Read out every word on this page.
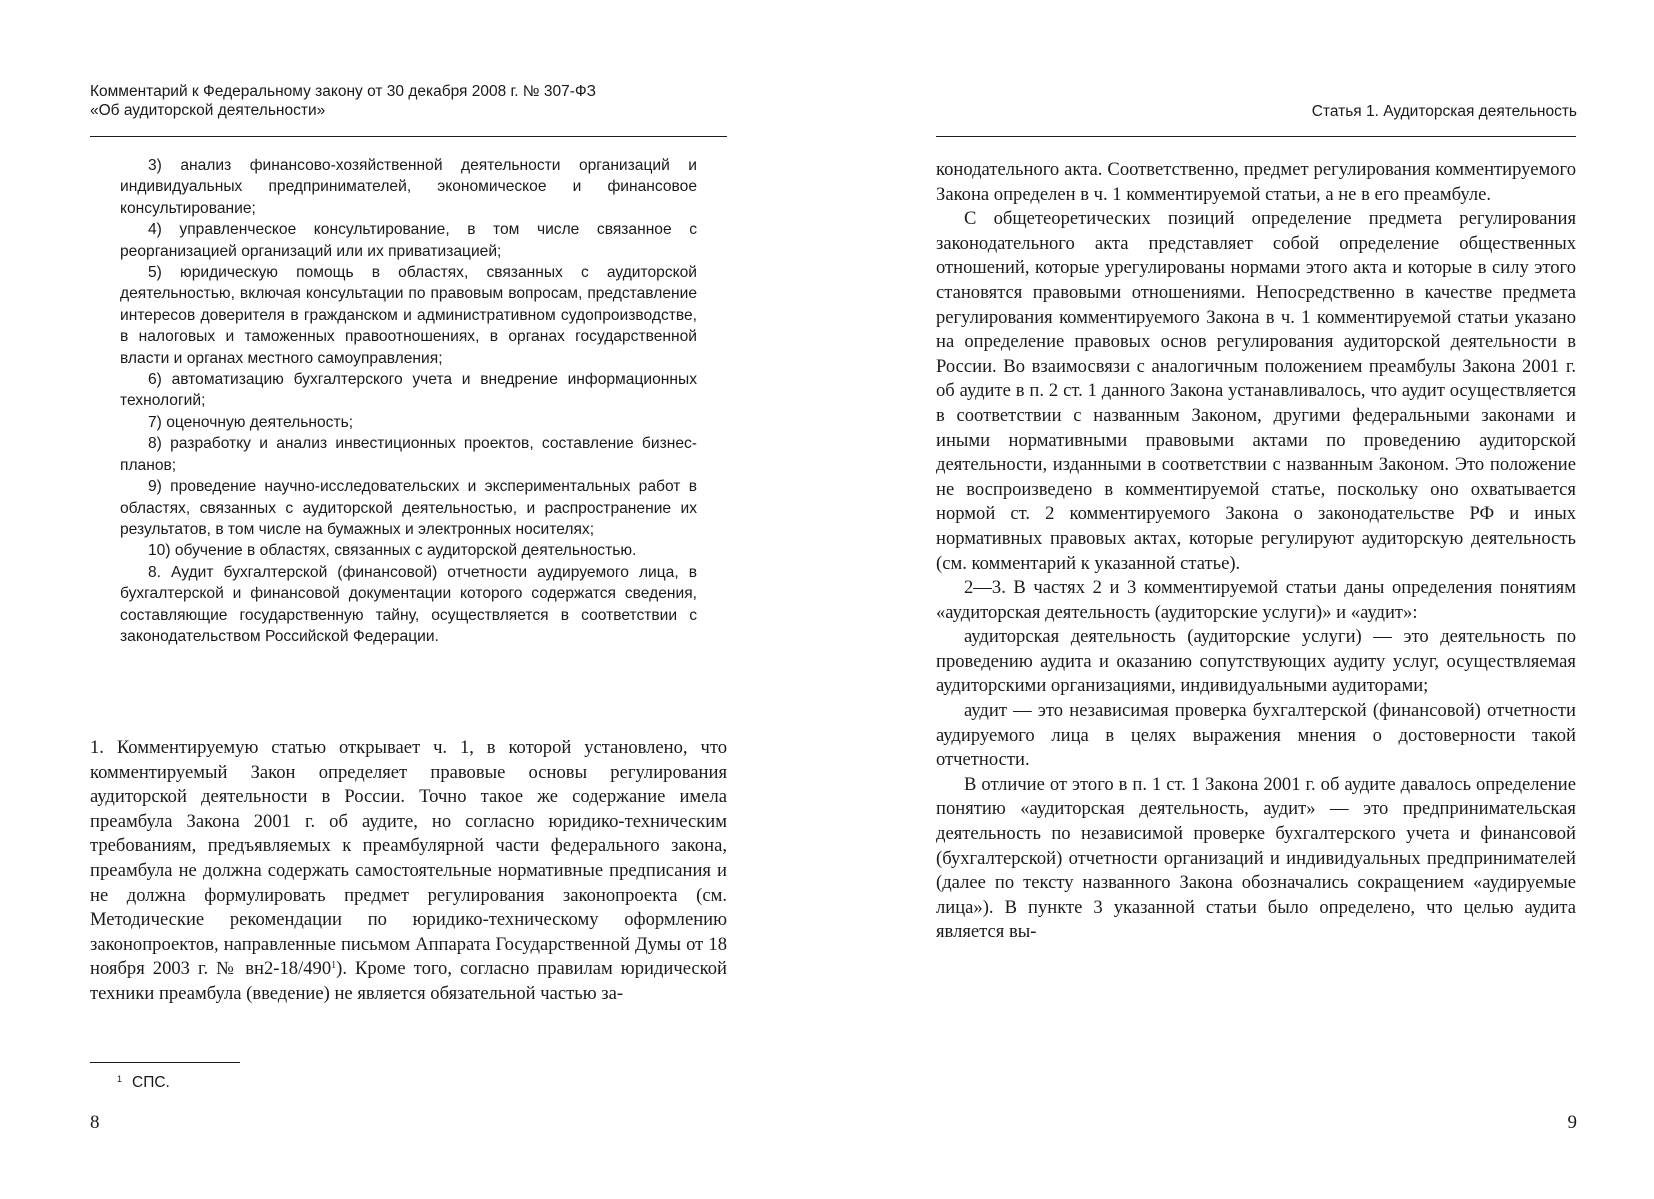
Комментарий к Федеральному закону от 30 декабря 2008 г. № 307-ФЗ
«Об аудиторской деятельности»

3) анализ финансово-хозяйственной деятельности организаций и индивидуальных предпринимателей, экономическое и финансовое консультирование;

4) управленческое консультирование, в том числе связанное с реорганизацией организаций или их приватизацией;

5) юридическую помощь в областях, связанных с аудиторской деятельностью, включая консультации по правовым вопросам, представление интересов доверителя в гражданском и административном судопроизводстве, в налоговых и таможенных правоотношениях, в органах государственной власти и органах местного самоуправления;

6) автоматизацию бухгалтерского учета и внедрение информационных технологий;

7) оценочную деятельность;

8) разработку и анализ инвестиционных проектов, составление бизнес-планов;

9) проведение научно-исследовательских и экспериментальных работ в областях, связанных с аудиторской деятельностью, и распространение их результатов, в том числе на бумажных и электронных носителях;

10) обучение в областях, связанных с аудиторской деятельностью.

8. Аудит бухгалтерской (финансовой) отчетности аудируемого лица, в бухгалтерской и финансовой документации которого содержатся сведения, составляющие государственную тайну, осуществляется в соответствии с законодательством Российской Федерации.

1. Комментируемую статью открывает ч. 1, в которой установлено, что комментируемый Закон определяет правовые основы регулирования аудиторской деятельности в России. Точно такое же содержание имела преамбула Закона 2001 г. об аудите, но согласно юридико-техническим требованиям, предъявляемых к преамбулярной части федерального закона, преамбула не должна содержать самостоятельные нормативные предписания и не должна формулировать предмет регулирования законопроекта (см. Методические рекомендации по юридико-техническому оформлению законопроектов, направленные письмом Аппарата Государственной Думы от 18 ноября 2003 г. № $вн2-18/490^1$). Кроме того, согласно правилам юридической техники преамбула (введение) не является обязательной частью за-

$^1$ СПС.
8
Статья 1. Аудиторская деятельность

конодательного акта. Соответственно, предмет регулирования комментируемого Закона определен в ч. 1 комментируемой статьи, а не в его преамбуле.

С общетеоретических позиций определение предмета регулирования законодательного акта представляет собой определение общественных отношений, которые урегулированы нормами этого акта и которые в силу этого становятся правовыми отношениями. Непосредственно в качестве предмета регулирования комментируемого Закона в ч. 1 комментируемой статьи указано на определение правовых основ регулирования аудиторской деятельности в России. Во взаимосвязи с аналогичным положением преамбулы Закона 2001 г. об аудите в п. 2 ст. 1 данного Закона устанавливалось, что аудит осуществляется в соответствии с названным Законом, другими федеральными законами и иными нормативными правовыми актами по проведению аудиторской деятельности, изданными в соответствии с названным Законом. Это положение не воспроизведено в комментируемой статье, поскольку оно охватывается нормой ст. 2 комментируемого Закона о законодательстве РФ и иных нормативных правовых актах, которые регулируют аудиторскую деятельность (см. комментарий к указанной статье).

2—3. В частях 2 и 3 комментируемой статьи даны определения понятиям «аудиторская деятельность (аудиторские услуги)» и «аудит»:

аудиторская деятельность (аудиторские услуги) — это деятельность по проведению аудита и оказанию сопутствующих аудиту услуг, осуществляемая аудиторскими организациями, индивидуальными аудиторами;

аудит — это независимая проверка бухгалтерской (финансовой) отчетности аудируемого лица в целях выражения мнения о достоверности такой отчетности.

В отличие от этого в п. 1 ст. 1 Закона 2001 г. об аудите давалось определение понятию «аудиторская деятельность, аудит» — это предпринимательская деятельность по независимой проверке бухгалтерского учета и финансовой (бухгалтерской) отчетности организаций и индивидуальных предпринимателей (далее по тексту названного Закона обозначались сокращением «аудируемые лица»). В пункте 3 указанной статьи было определено, что целью аудита является вы-

9
